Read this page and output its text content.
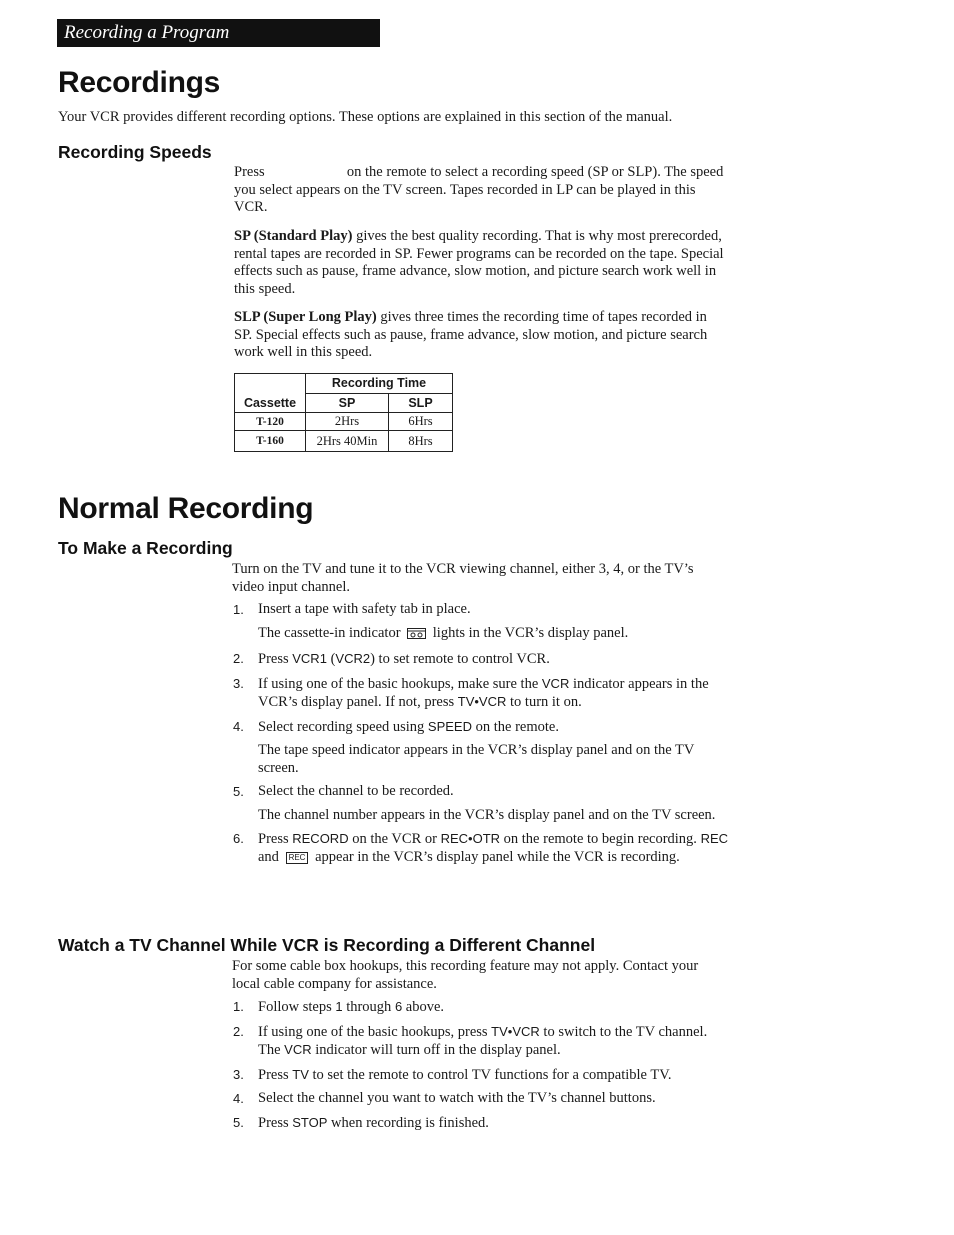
Recording a Program
Recordings

Your VCR provides different recording options. These options are explained in this section of the manual.

Recording Speeds
Press	on the remote to select a recording speed (SP or SLP). The speed you select appears on the TV screen. Tapes recorded in LP can be played in this VCR.
SP (Standard Play) gives the best quality recording. That is why most prerecorded, rental tapes are recorded in SP. Fewer programs can be recorded on the tape. Special effects such as pause, frame advance, slow motion, and picture search work well in this speed.
SLP (Super Long Play) gives three times the recording time of tapes recorded in SP. Special effects such as pause, frame advance, slow motion, and picture search work well in this speed.
Cassette	Recording Time	
	SP	SLP
T-120	2Hrs	6Hrs
T-160	2Hrs 40Min	8Hrs
Normal Recording
To Make a Recording

Turn on the TV and tune it to the VCR viewing channel, either 3, 4, or the TV’s video input channel.

1. Insert a tape with safety tab in place.
The cassette-in indicator lights in the VCR’s display panel.
2. Press VCR1 (VCR2) to set remote to control VCR.
3. If using one of the basic hookups, make sure the VCR indicator appears in the VCR’s display panel. If not, press TV•VCR to turn it on.
4. Select recording speed using SPEED on the remote.
The tape speed indicator appears in the VCR’s display panel and on the TV screen.
5. Select the channel to be recorded.
The channel number appears in the VCR’s display panel and on the TV screen.
6. Press RECORD on the VCR or REC•OTR on the remote to begin recording. REC and REC appear in the VCR’s display panel while the VCR is recording.
Watch a TV Channel While VCR is Recording a Different Channel

For some cable box hookups, this recording feature may not apply. Contact your local cable company for assistance.

1. Follow steps 1 through 6 above.
2. If using one of the basic hookups, press TV•VCR to switch to the TV channel. The VCR indicator will turn off in the display panel.
3. Press TV to set the remote to control TV functions for a compatible TV.
4. Select the channel you want to watch with the TV’s channel buttons.
5. Press STOP when recording is finished.
